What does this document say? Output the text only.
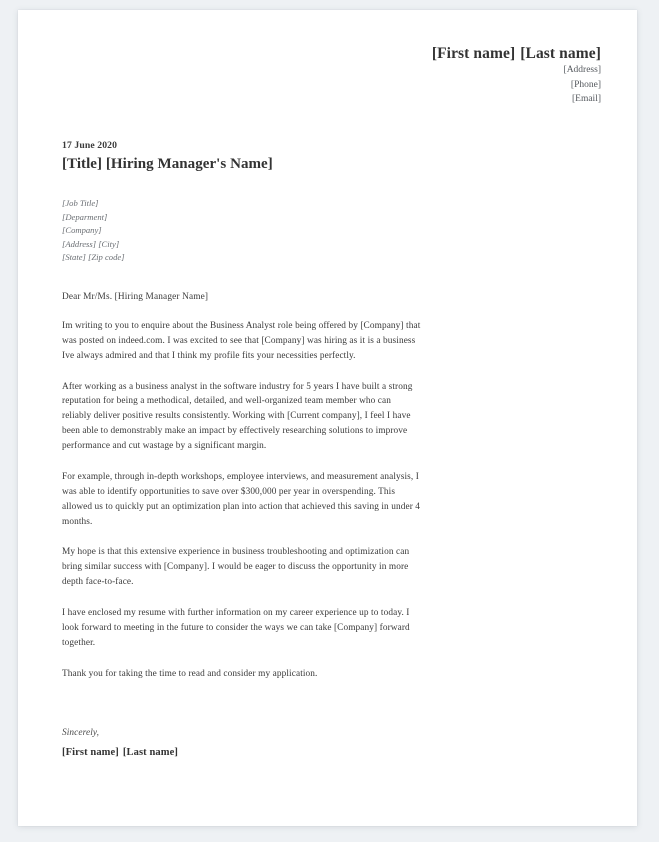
[First name] [Last name]
[Address]
[Phone]
[Email]

17 June 2020

[Title] [Hiring Manager's Name]
[Job Title]
[Deparment]
[Company]
[Address] [City]
[State] [Zip code]

Dear Mr/Ms. [Hiring Manager Name]

Im writing to you to enquire about the Business Analyst role being offered by [Company] that was posted on indeed.com. I was excited to see that [Company] was hiring as it is a business Ive always admired and that I think my profile fits your necessities perfectly.

After working as a business analyst in the software industry for 5 years I have built a strong reputation for being a methodical, detailed, and well-organized team member who can reliably deliver positive results consistently. Working with [Current company], I feel I have been able to demonstrably make an impact by effectively researching solutions to improve performance and cut wastage by a significant margin.

For example, through in-depth workshops, employee interviews, and measurement analysis, I was able to identify opportunities to save over $300,000 per year in overspending. This allowed us to quickly put an optimization plan into action that achieved this saving in under 4 months.

My hope is that this extensive experience in business troubleshooting and optimization can bring similar success with [Company]. I would be eager to discuss the opportunity in more depth face-to-face.

I have enclosed my resume with further information on my career experience up to today. I look forward to meeting in the future to consider the ways we can take [Company] forward together.

Thank you for taking the time to read and consider my application.

Sincerely,
[First name] [Last name]
